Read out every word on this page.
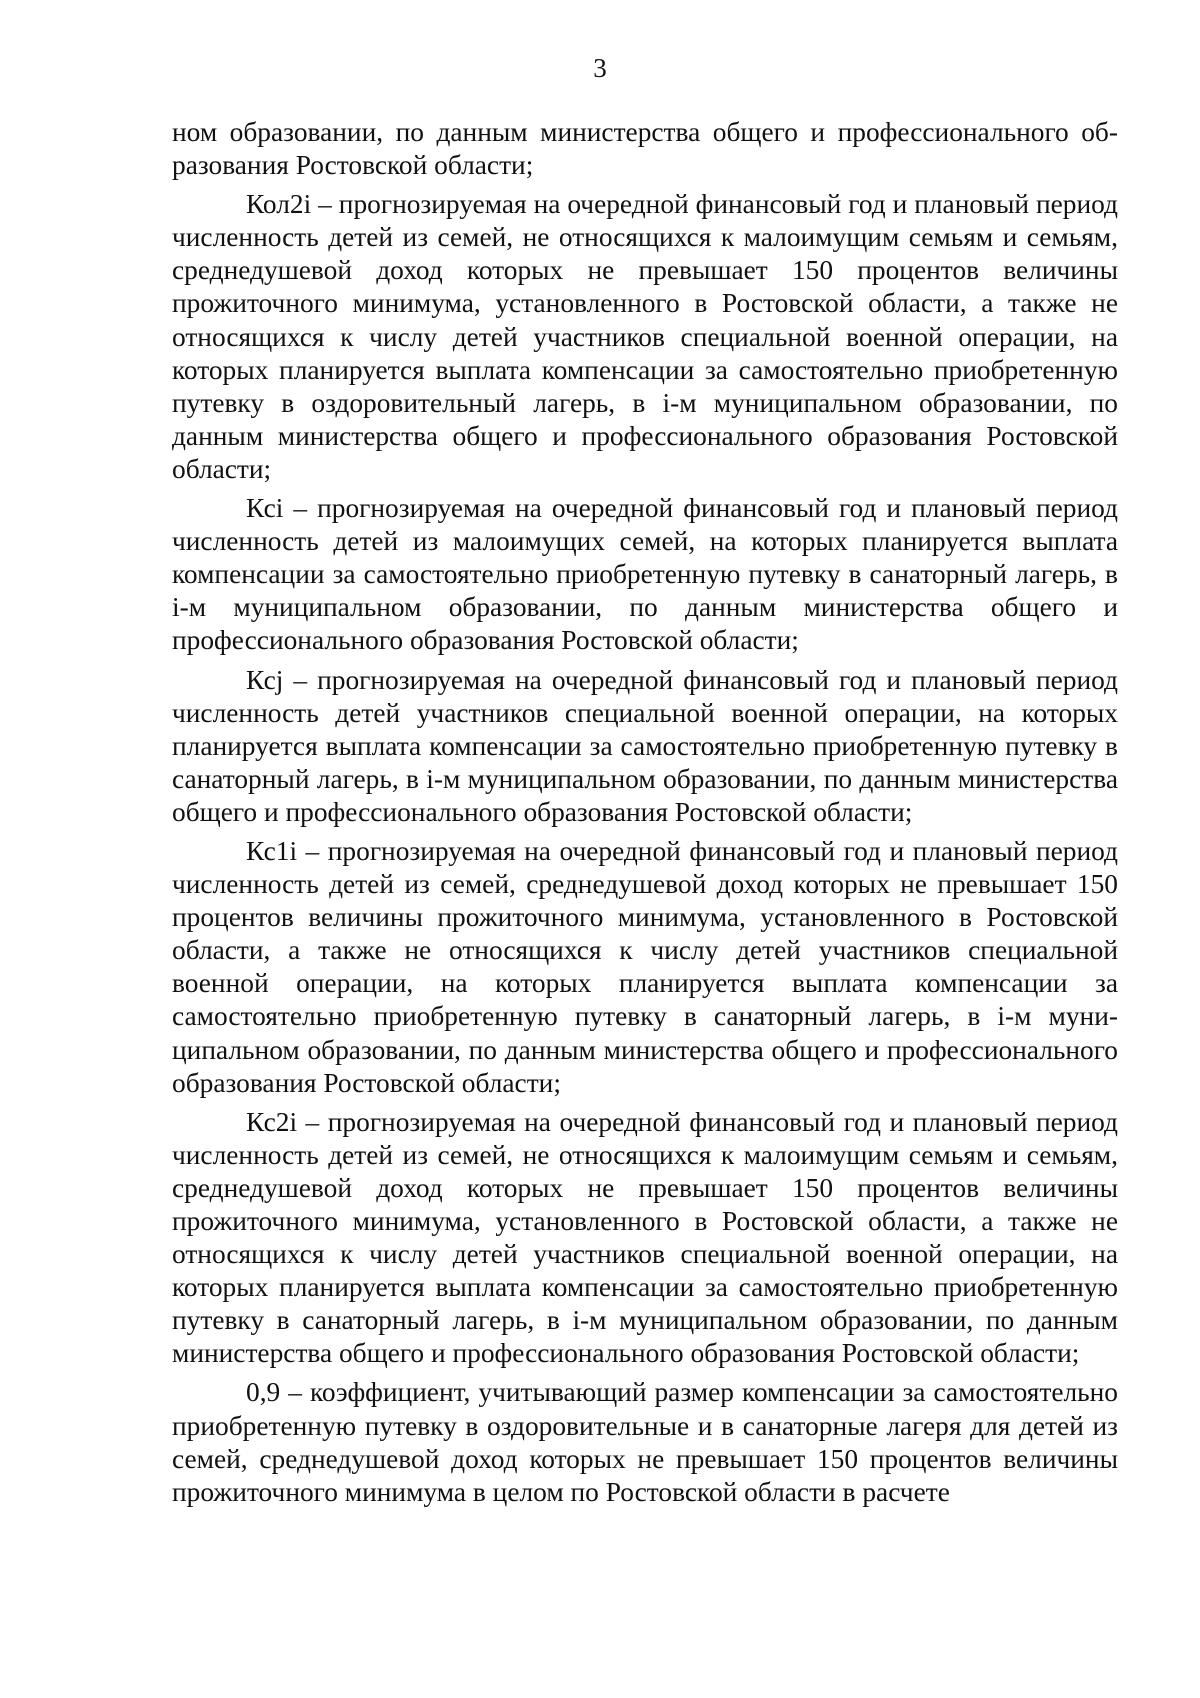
3

ном образовании, по данным министерства общего и профессионального образования Ростовской области;

Кол2i – прогнозируемая на очередной финансовый год и плановый период численность детей из семей, не относящихся к малоимущим семьям и семьям, среднедушевой доход которых не превышает 150 процентов величины прожиточного минимума, установленного в Ростовской области, а также не относящихся к числу детей участников специальной военной операции, на которых планируется выплата компенсации за самостоятельно приобретенную путевку в оздоровительный лагерь, в i-м муниципальном образовании, по данным министерства общего и профессионального образования Ростовской области;

Ксi – прогнозируемая на очередной финансовый год и плановый период численность детей из малоимущих семей, на которых планируется выплата компенсации за самостоятельно приобретенную путевку в санаторный лагерь, в i-м муниципальном образовании, по данным министерства общего и профессионального образования Ростовской области;

Ксj – прогнозируемая на очередной финансовый год и плановый период численность детей участников специальной военной операции, на которых планируется выплата компенсации за самостоятельно приобретенную путевку в санаторный лагерь, в i-м муниципальном образовании, по данным министерства общего и профессионального образования Ростовской области;

Кс1i – прогнозируемая на очередной финансовый год и плановый период численность детей из семей, среднедушевой доход которых не превышает 150 процентов величины прожиточного минимума, установленного в Ростовской области, а также не относящихся к числу детей участников специальной военной операции, на которых планируется выплата компенсации за самостоятельно приобретенную путевку в санаторный лагерь, в i-м муниципальном образовании, по данным министерства общего и профессионального образования Ростовской области;

Кс2i – прогнозируемая на очередной финансовый год и плановый период численность детей из семей, не относящихся к малоимущим семьям и семьям, среднедушевой доход которых не превышает 150 процентов величины прожиточного минимума, установленного в Ростовской области, а также не относящихся к числу детей участников специальной военной операции, на которых планируется выплата компенсации за самостоятельно приобретенную путевку в санаторный лагерь, в i-м муниципальном образовании, по данным министерства общего и профессионального образования Ростовской области;

0,9 – коэффициент, учитывающий размер компенсации за самостоятельно приобретенную путевку в оздоровительные и в санаторные лагеря для детей из семей, среднедушевой доход которых не превышает 150 процентов величины прожиточного минимума в целом по Ростовской области в расчете
